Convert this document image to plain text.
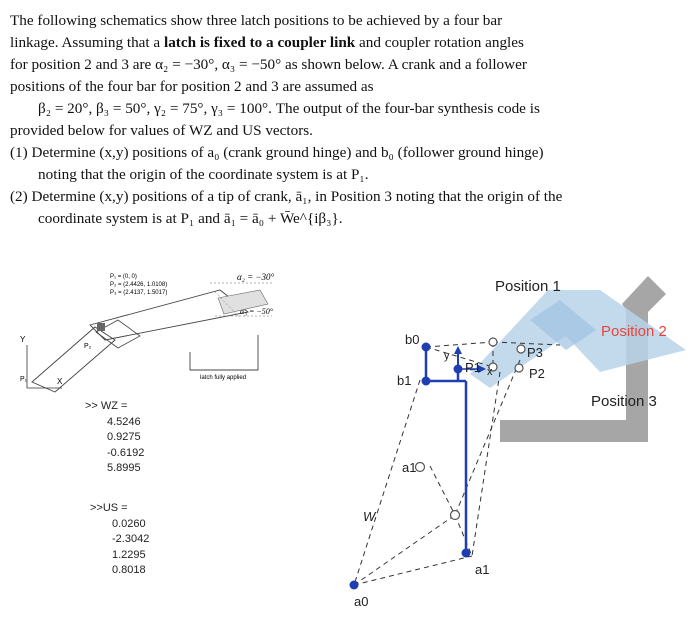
The following schematics show three latch positions to be achieved by a four bar

linkage. Assuming that a latch is fixed to a coupler link and coupler rotation angles

for position 2 and 3 are α₂ = −30°, α₃ = −50° as shown below. A crank and a follower

positions of the four bar for position 2 and 3 are assumed as

β₂ = 20°, β₃ = 50°, γ₂ = 75°, γ₃ = 100°. The output of the four-bar synthesis code is

provided below for values of WZ and US vectors.

(1) Determine (x,y) positions of a₀ (crank ground hinge) and b₀ (follower ground hinge)

noting that the origin of the coordinate system is at P₁.

(2) Determine (x,y) positions of a tip of crank, ā₁, in Position 3 noting that the origin of the

coordinate system is at P₁ and ā₁ = ā₀ + W̄e^{iβ₃}.

Y
X
P₁
P₂
P₁ = (0, 0)
P₂ = (2.4426, 1.0108)
P₃ = (2.4137, 1.5017)
α₂ = −30°
α₃ = −50°
latch fully applied
Position 1
Position 2
Position 3
b0
b1
a0
a1
a1
W
P1	P2
P3
y
x
>> WZ =
4.5246
0.9275
-0.6192
5.8995
>>US =
0.0260
-2.3042
1.2295
0.8018
